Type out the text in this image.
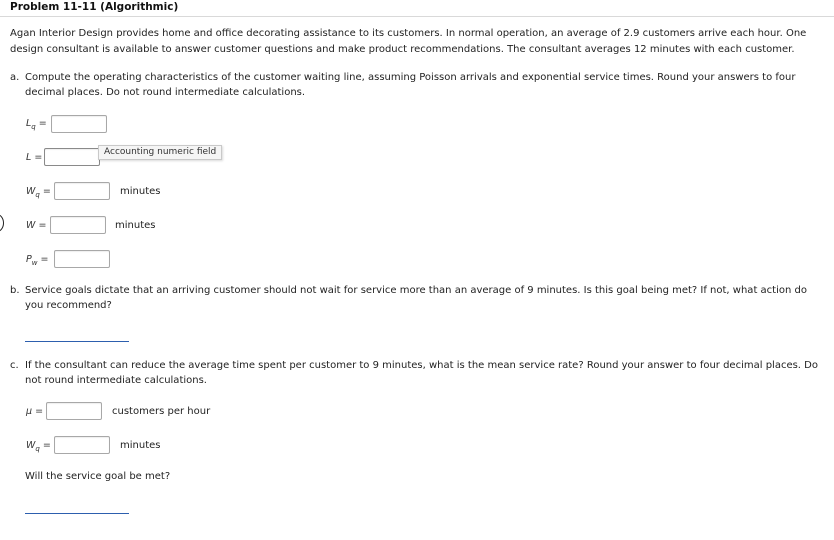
Problem 11-11 (Algorithmic)

Agan Interior Design provides home and office decorating assistance to its customers. In normal operation, an average of 2.9 customers arrive each hour. One design consultant is available to answer customer questions and make product recommendations. The consultant averages 12 minutes with each customer.

a. Compute the operating characteristics of the customer waiting line, assuming Poisson arrivals and exponential service times. Round your answers to four decimal places. Do not round intermediate calculations.
$L_q$ =
L =	Accounting numeric field
$W_q$ =	minutes
W =	minutes
$P_w$ =
b. Service goals dictate that an arriving customer should not wait for service more than an average of 9 minutes. Is this goal being met? If not, what action do you recommend?
c. If the consultant can reduce the average time spent per customer to 9 minutes, what is the mean service rate? Round your answer to four decimal places. Do not round intermediate calculations.
μ =	customers per hour
$W_q$ =	minutes
Will the service goal be met?
